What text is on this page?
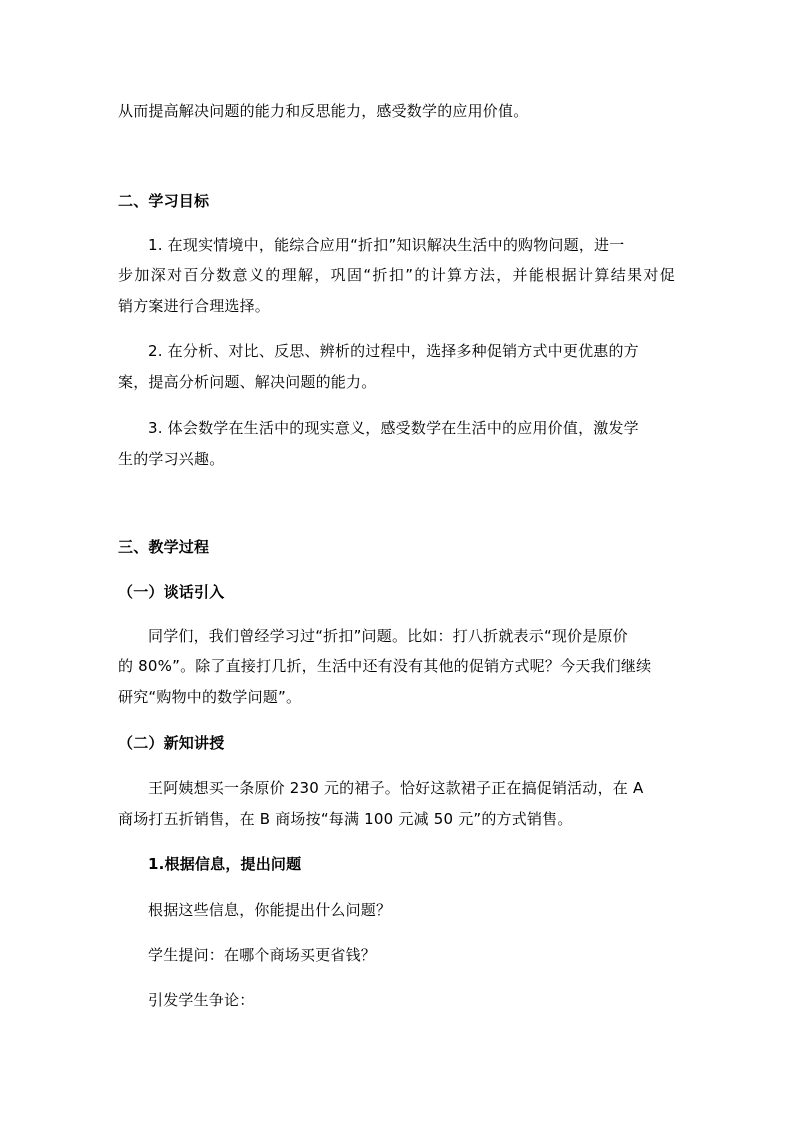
从而提高解决问题的能力和反思能力，感受数学的应用价值。
二、学习目标
1. 在现实情境中，能综合应用“折扣”知识解决生活中的购物问题，进一
步加深对百分数意义的理解，巩固“折扣”的计算方法，并能根据计算结果对促
销方案进行合理选择。
2. 在分析、对比、反思、辨析的过程中，选择多种促销方式中更优惠的方
案，提高分析问题、解决问题的能力。
3. 体会数学在生活中的现实意义，感受数学在生活中的应用价值，激发学
生的学习兴趣。
三、教学过程
（一）谈话引入
同学们，我们曾经学习过“折扣”问题。比如：打八折就表示“现价是原价
的 80%”。除了直接打几折，生活中还有没有其他的促销方式呢？今天我们继续
研究“购物中的数学问题”。
（二）新知讲授
王阿姨想买一条原价 230 元的裙子。恰好这款裙子正在搞促销活动，在 A
商场打五折销售，在 B 商场按“每满 100 元减 50 元”的方式销售。
1.根据信息，提出问题
根据这些信息，你能提出什么问题？
学生提问：在哪个商场买更省钱？
引发学生争论：
